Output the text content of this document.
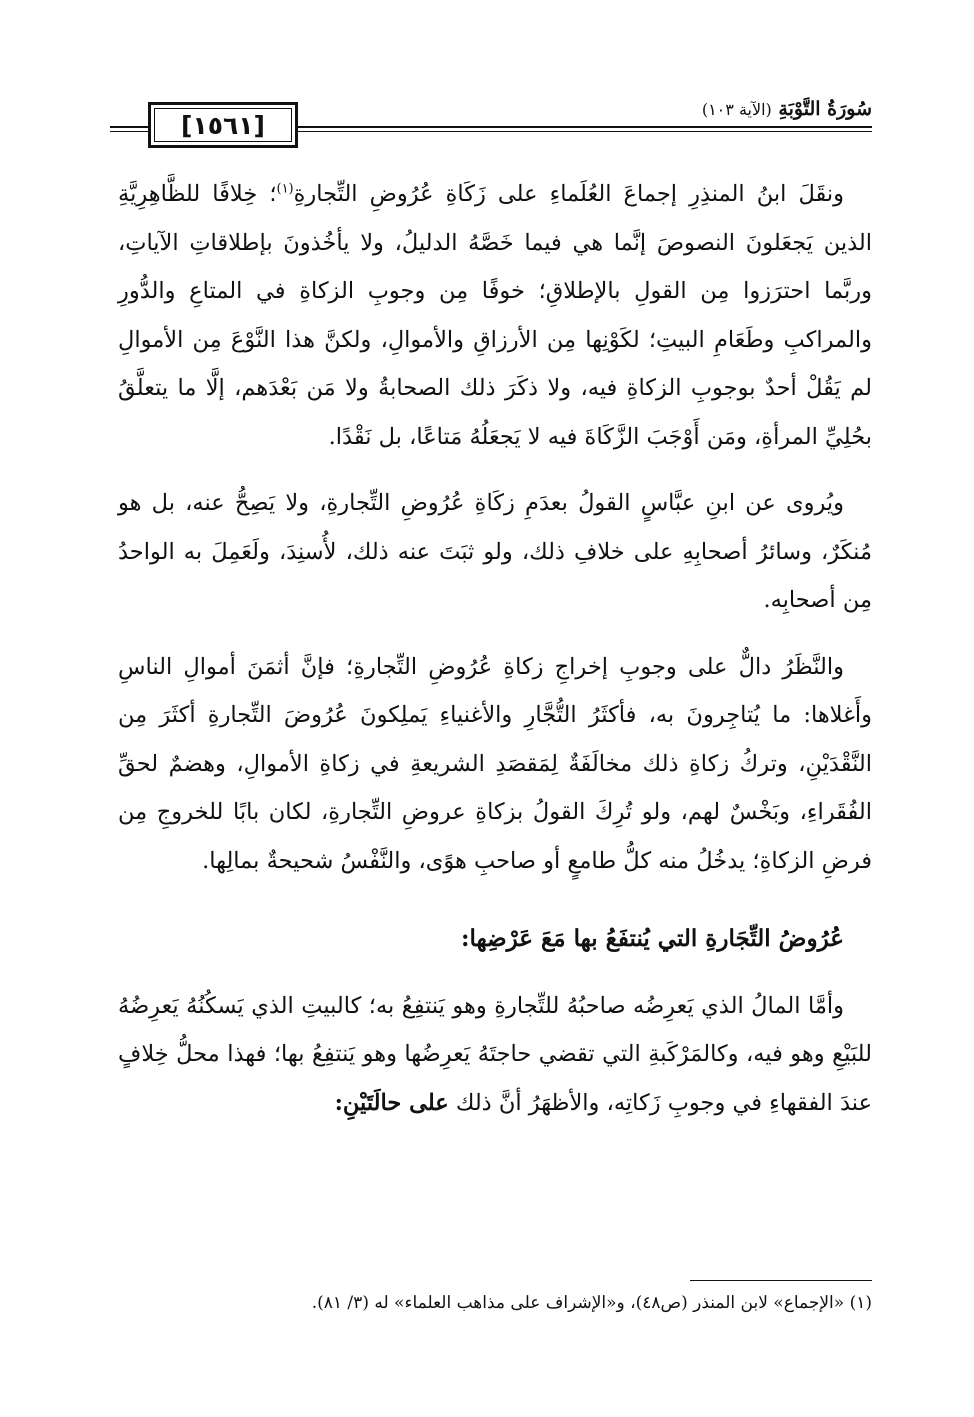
[١٥٦١]
سُورَةُ التَّوْبَةِ (الآية ١٠٣)

ونقَلَ ابنُ المنذِرِ إجماعَ العُلَماءِ على زَكَاةِ عُرُوضِ التِّجارةِ$^{(١)}$؛ خِلافًا للظَّاهِرِيَّةِ الذين يَجعَلونَ النصوصَ إنَّما هي فيما خَصَّهُ الدليلُ، ولا يأخُذونَ بإطلاقاتِ الآياتِ، وربَّما احترَزوا مِن القولِ بالإطلاقِ؛ خوفًا مِن وجوبِ الزكاةِ في المتاعِ والدُّورِ والمراكبِ وطَعَامِ البيتِ؛ لكَوْنِها مِن الأرزاقِ والأموالِ، ولكنَّ هذا النَّوْعَ مِن الأموالِ لم يَقُلْ أحدٌ بوجوبِ الزكاةِ فيه، ولا ذكَرَ ذلك الصحابةُ ولا مَن بَعْدَهم، إلَّا ما يتعلَّقُ بحُلِيِّ المرأةِ، ومَن أَوْجَبَ الزَّكَاةَ فيه لا يَجعَلُهُ مَتاعًا، بل نَقْدًا.

ويُروى عن ابنِ عبَّاسٍ القولُ بعدَمِ زكَاةِ عُرُوضِ التِّجارةِ، ولا يَصِحُّ عنه، بل هو مُنكَرٌ، وسائرُ أصحابِهِ على خلافِ ذلك، ولو ثبَتَ عنه ذلك، لأُسنِدَ، ولَعَمِلَ به الواحدُ مِن أصحابِه.

والنَّظَرُ دالٌّ على وجوبِ إخراجِ زكاةِ عُرُوضِ التِّجارةِ؛ فإنَّ أثمَنَ أموالِ الناسِ وأَغلاها: ما يُتاجِرونَ به، فأكثَرُ التُّجَّارِ والأغنياءِ يَملِكونَ عُرُوضَ التِّجارةِ أكثَرَ مِن النَّقْدَيْنِ، وتركُ زكاةِ ذلك مخالَفَةٌ لِمَقصَدِ الشريعةِ في زكاةِ الأموالِ، وهضمٌ لحقِّ الفُقَراءِ، وبَخْسٌ لهم، ولو تُرِكَ القولُ بزكاةِ عروضِ التِّجارةِ، لكان بابًا للخروجِ مِن فرضِ الزكاةِ؛ يدخُلُ منه كلُّ طامعٍ أو صاحبِ هوًى، والنَّفْسُ شحيحةٌ بمالِها.

عُرُوضُ التِّجَارةِ التي يُنتفَعُ بها مَعَ عَرْضِها:

وأمَّا المالُ الذي يَعرِضُه صاحبُهُ للتِّجارةِ وهو يَنتفِعُ به؛ كالبيتِ الذي يَسكُنُهُ يَعرِضُهُ للبَيْعِ وهو فيه، وكالمَرْكَبةِ التي تقضي حاجتَهُ يَعرِضُها وهو يَنتفِعُ بها؛ فهذا محلُّ خِلافٍ عندَ الفقهاءِ في وجوبِ زَكاتِه، والأظهَرُ أنَّ ذلك على حالَتَيْنِ:

(١) «الإجماع» لابن المنذر (ص٤٨)، و«الإشراف على مذاهب العلماء» له (٣/ ٨١).
